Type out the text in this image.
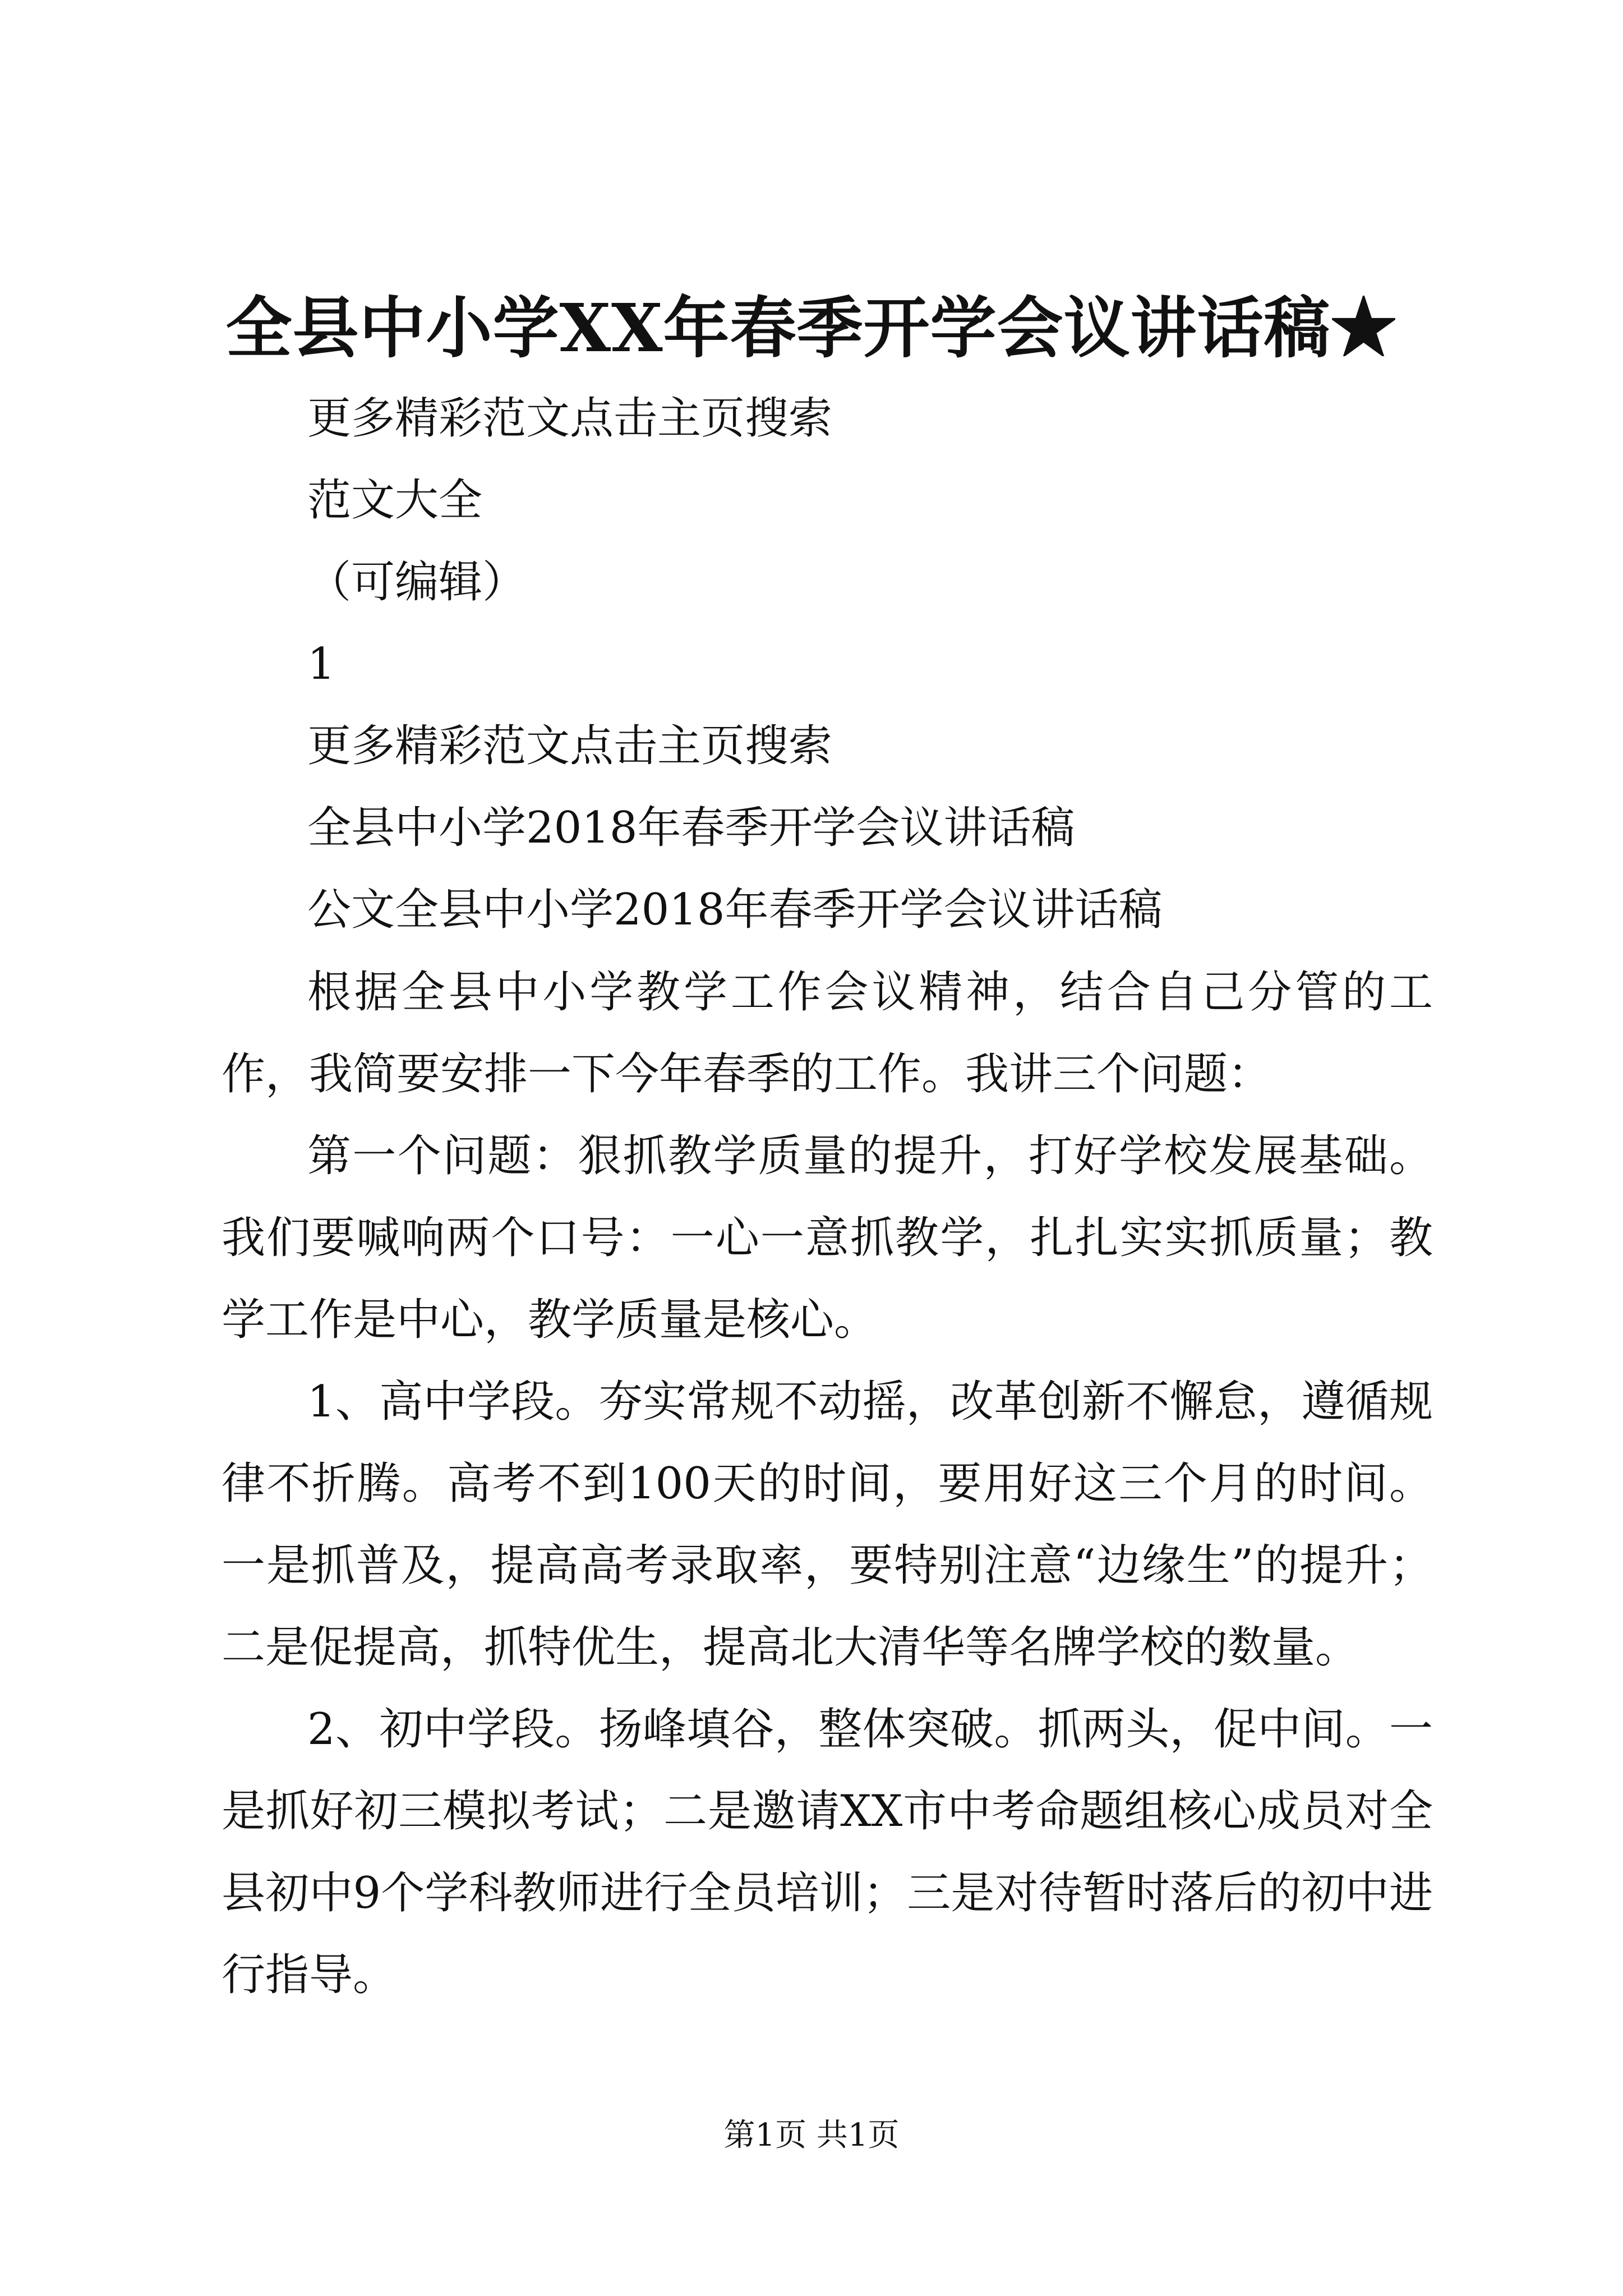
全县中小学XX年春季开学会议讲话稿★
更多精彩范文点击主页搜索
范文大全
（可编辑）
1
更多精彩范文点击主页搜索
全县中小学2018年春季开学会议讲话稿
公文全县中小学2018年春季开学会议讲话稿
根据全县中小学教学工作会议精神，结合自己分管的工作，我简要安排一下今年春季的工作。我讲三个问题：
第一个问题：狠抓教学质量的提升，打好学校发展基础。我们要喊响两个口号：一心一意抓教学，扎扎实实抓质量；教学工作是中心，教学质量是核心。
1、高中学段。夯实常规不动摇，改革创新不懈怠，遵循规律不折腾。高考不到100天的时间，要用好这三个月的时间。一是抓普及，提高高考录取率，要特别注意“边缘生”的提升；二是促提高，抓特优生，提高北大清华等名牌学校的数量。
2、初中学段。扬峰填谷，整体突破。抓两头，促中间。一是抓好初三模拟考试；二是邀请XX市中考命题组核心成员对全县初中9个学科教师进行全员培训；三是对待暂时落后的初中进行指导。
第1页 共1页
